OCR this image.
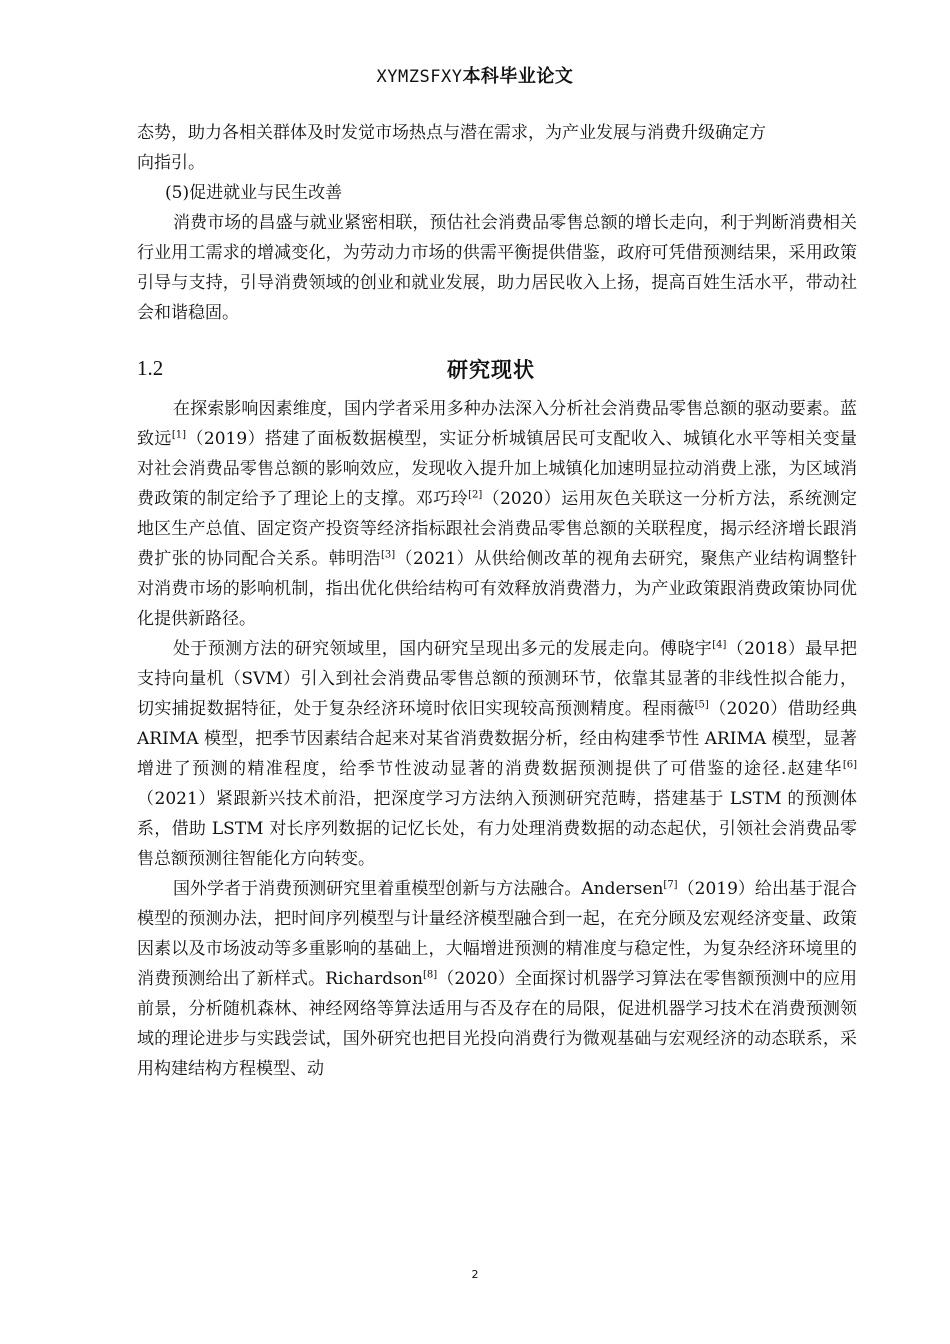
XYMZSFXY本科毕业论文

态势，助力各相关群体及时发觉市场热点与潜在需求，为产业发展与消费升级确定方
向指引。

(5)促进就业与民生改善

消费市场的昌盛与就业紧密相联，预估社会消费品零售总额的增长走向，利于判断消费相关行业用工需求的增减变化，为劳动力市场的供需平衡提供借鉴，政府可凭借预测结果，采用政策引导与支持，引导消费领域的创业和就业发展，助力居民收入上扬，提高百姓生活水平，带动社会和谐稳固。

1.2	研究现状

在探索影响因素维度，国内学者采用多种办法深入分析社会消费品零售总额的驱动要素。蓝致远[1]（2019）搭建了面板数据模型，实证分析城镇居民可支配收入、城镇化水平等相关变量对社会消费品零售总额的影响效应，发现收入提升加上城镇化加速明显拉动消费上涨，为区域消费政策的制定给予了理论上的支撑。邓巧玲[2]（2020）运用灰色关联这一分析方法，系统测定地区生产总值、固定资产投资等经济指标跟社会消费品零售总额的关联程度，揭示经济增长跟消费扩张的协同配合关系。韩明浩[3]（2021）从供给侧改革的视角去研究，聚焦产业结构调整针对消费市场的影响机制，指出优化供给结构可有效释放消费潜力，为产业政策跟消费政策协同优化提供新路径。

处于预测方法的研究领域里，国内研究呈现出多元的发展走向。傅晓宇[4]（2018）最早把支持向量机（SVM）引入到社会消费品零售总额的预测环节，依靠其显著的非线性拟合能力，切实捕捉数据特征，处于复杂经济环境时依旧实现较高预测精度。程雨薇[5]（2020）借助经典 ARIMA 模型，把季节因素结合起来对某省消费数据分析，经由构建季节性 ARIMA 模型，显著增进了预测的精准程度，给季节性波动显著的消费数据预测提供了可借鉴的途径.赵建华[6]（2021）紧跟新兴技术前沿，把深度学习方法纳入预测研究范畴，搭建基于 LSTM 的预测体系，借助 LSTM 对长序列数据的记忆长处，有力处理消费数据的动态起伏，引领社会消费品零售总额预测往智能化方向转变。

国外学者于消费预测研究里着重模型创新与方法融合。Andersen[7]（2019）给出基于混合模型的预测办法，把时间序列模型与计量经济模型融合到一起，在充分顾及宏观经济变量、政策因素以及市场波动等多重影响的基础上，大幅增进预测的精准度与稳定性，为复杂经济环境里的消费预测给出了新样式。Richardson[8]（2020）全面探讨机器学习算法在零售额预测中的应用前景，分析随机森林、神经网络等算法适用与否及存在的局限，促进机器学习技术在消费预测领域的理论进步与实践尝试，国外研究也把目光投向消费行为微观基础与宏观经济的动态联系，采用构建结构方程模型、动

2
